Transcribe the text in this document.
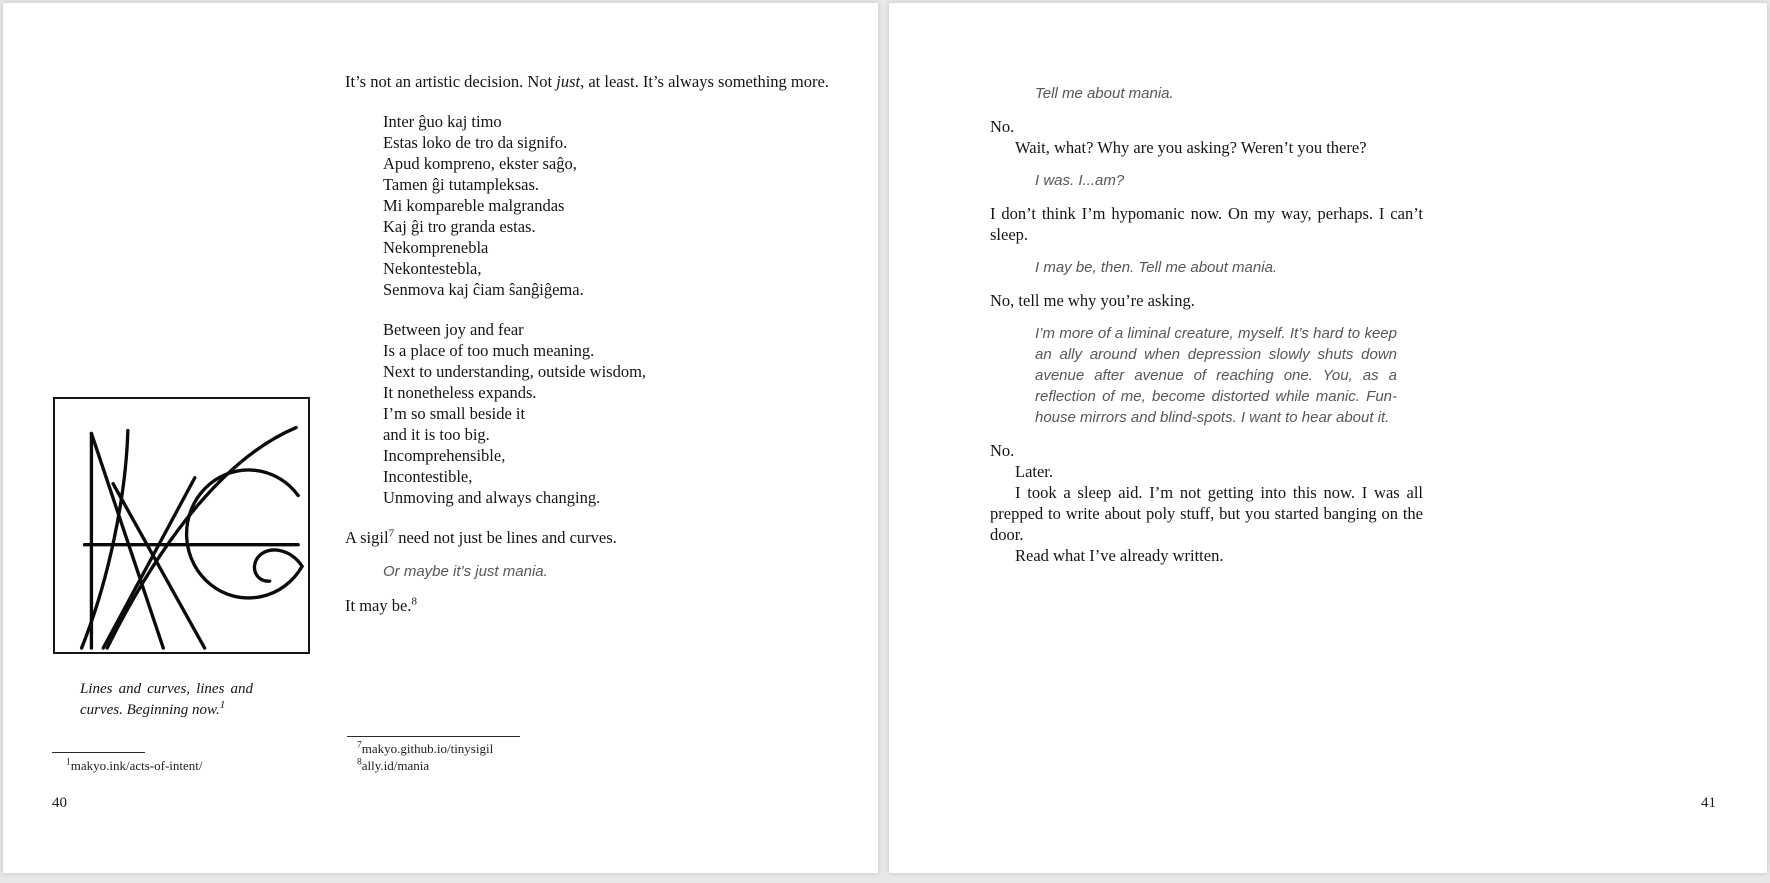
It’s not an artistic decision. Not just, at least. It’s always something more.

Inter ĝuo kaj timo
Estas loko de tro da signifo.
Apud kompreno, ekster saĝo,
Tamen ĝi tutampleksas.
Mi kompareble malgrandas
Kaj ĝi tro granda estas.
Nekomprenebla
Nekontestebla,
Senmova kaj ĉiam ŝanĝiĝema.
Between joy and fear
Is a place of too much meaning.
Next to understanding, outside wisdom,
It nonetheless expands.
I’m so small beside it
and it is too big.
Incomprehensible,
Incontestible,
Unmoving and always changing.

A sigil$^7$ need not just be lines and curves.

Or maybe it’s just mania.

It may be.$^8$

Lines and curves, lines and curves. Beginning now.$^1$
$^1$makyo.ink/acts-of-intent/
$^7$makyo.github.io/tinysigil
$^8$ally.id/mania
40

Tell me about mania.

No.

Wait, what? Why are you asking? Weren’t you there?

I was. I...am?

I don’t think I’m hypomanic now. On my way, perhaps. I can’t sleep.

I may be, then. Tell me about mania.

No, tell me why you’re asking.

I’m more of a liminal creature, myself. It’s hard to keep an ally around when depression slowly shuts down avenue after avenue of reaching one. You, as a reflection of me, become distorted while manic. Fun-house mirrors and blind-spots. I want to hear about it.

No.

Later.

I took a sleep aid. I’m not getting into this now. I was all prepped to write about poly stuff, but you started banging on the door.

Read what I’ve already written.

41
